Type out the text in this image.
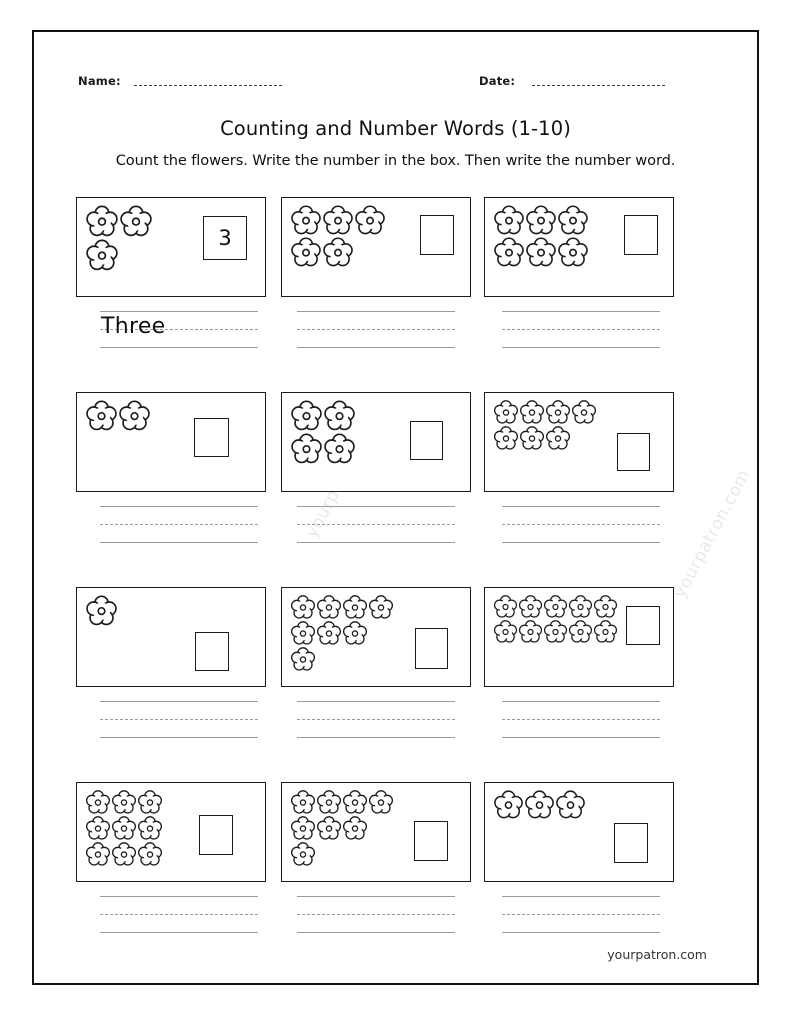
yourpatron.com
Name:	Date:
Counting and Number Words (1-10)
Count the flowers. Write the number in the box. Then write the number word.
3
Three
yourpatron.com
